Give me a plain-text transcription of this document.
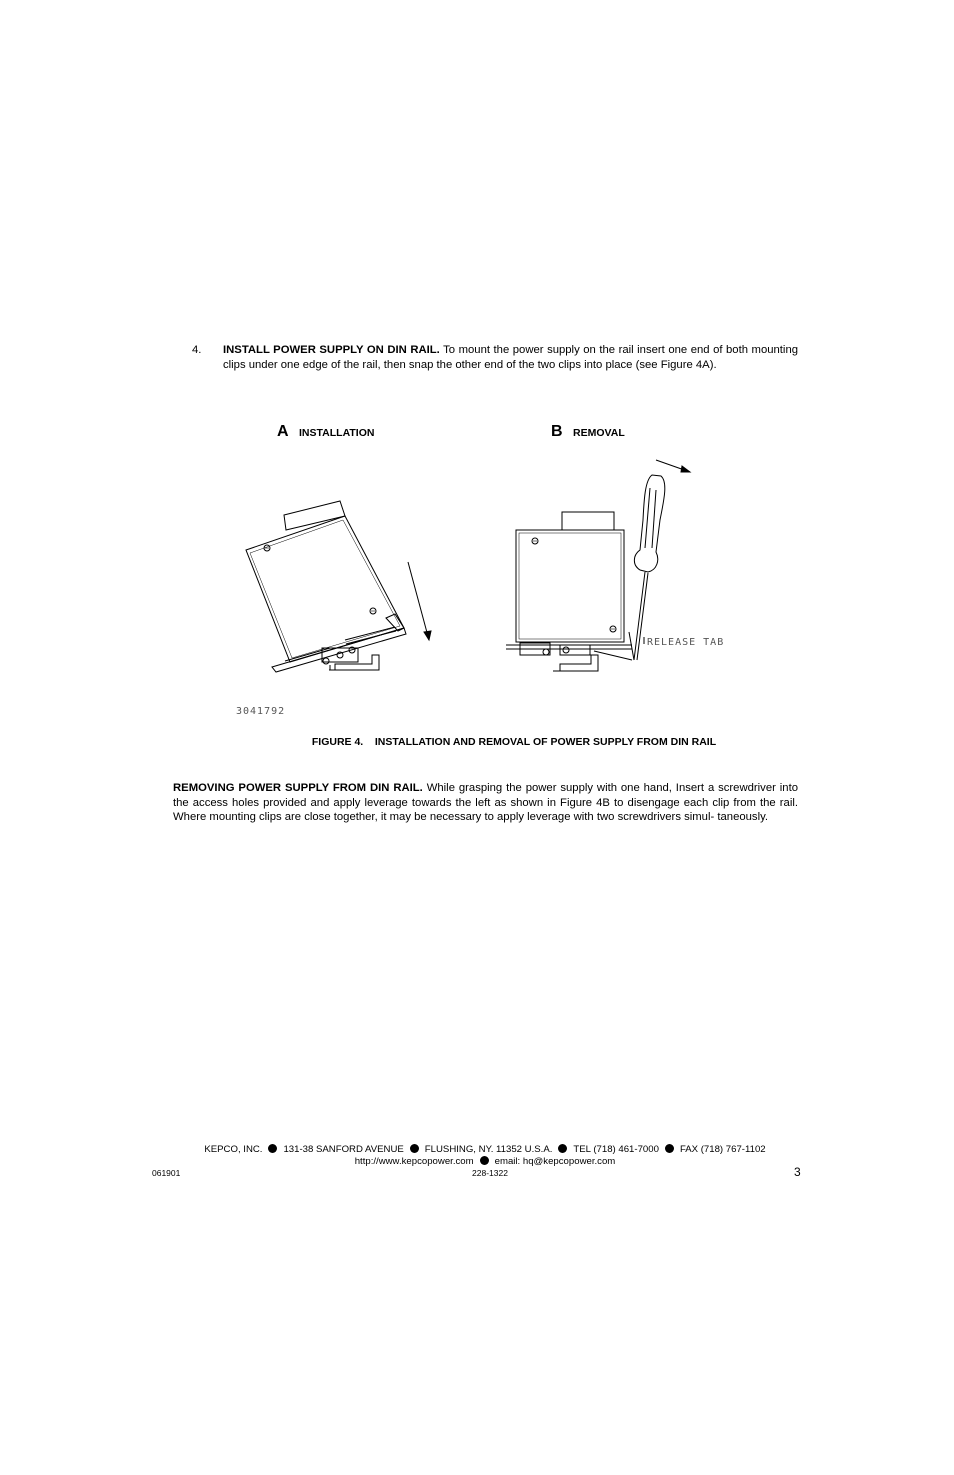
4. INSTALL POWER SUPPLY ON DIN RAIL. To mount the power supply on the rail insert one end of both mounting clips under one edge of the rail, then snap the other end of the two clips into place (see Figure 4A).
A INSTALLATION	B REMOVAL
RELEASE TAB
3041792
FIGURE 4.    INSTALLATION AND REMOVAL OF POWER SUPPLY FROM DIN RAIL
REMOVING POWER SUPPLY FROM DIN RAIL. While grasping the power supply with one hand, Insert a screwdriver into the access holes provided and apply leverage towards the left as shown in Figure 4B to disengage each clip from the rail. Where mounting clips are close together, it may be necessary to apply leverage with two screwdrivers simul- taneously.
KEPCO, INC. 131-38 SANFORD AVENUE FLUSHING, NY. 11352 U.S.A. TEL (718) 461-7000 FAX (718) 767-1102
http://www.kepcopower.com email: hq@kepcopower.com
061901	228-1322	3
